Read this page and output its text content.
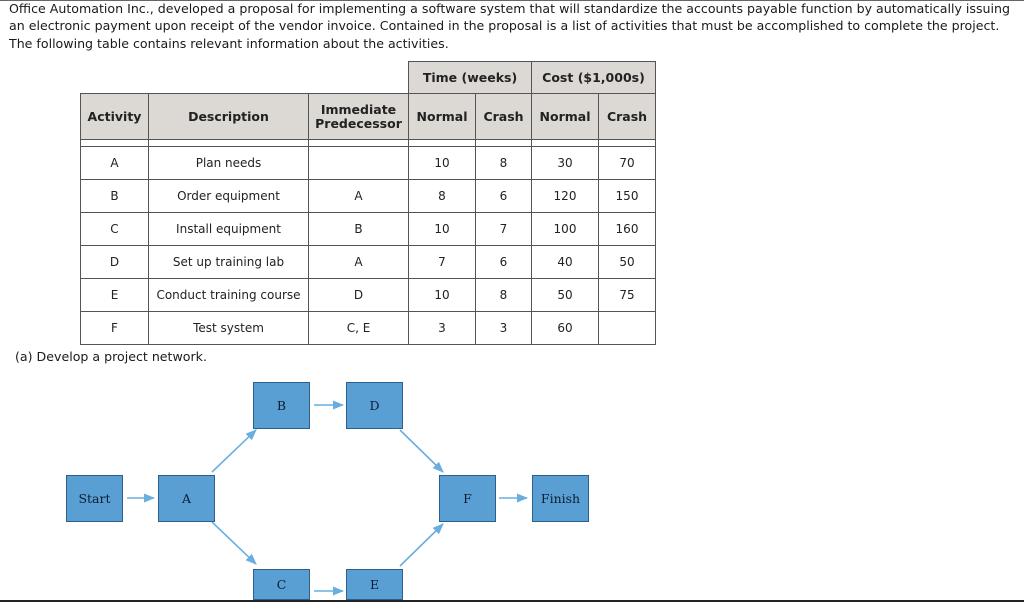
Office Automation Inc., developed a proposal for implementing a software system that will standardize the accounts payable function by automatically issuing an electronic payment upon receipt of the vendor invoice. Contained in the proposal is a list of activities that must be accomplished to complete the project. The following table contains relevant information about the activities.
			Time (weeks)		Cost ($1,000s)	
Activity	Description	Immediate Predecessor	Normal	Crash	Normal	Crash

A	Plan needs		10	8	30	70
B	Order equipment	A	8	6	120	150
C	Install equipment	B	10	7	100	160
D	Set up training lab	A	7	6	40	50
E	Conduct training course	D	10	8	50	75
F	Test system	C, E	3	3	60	
(a) Develop a project network.
Start	A
B	D
C	E
F	Finish
